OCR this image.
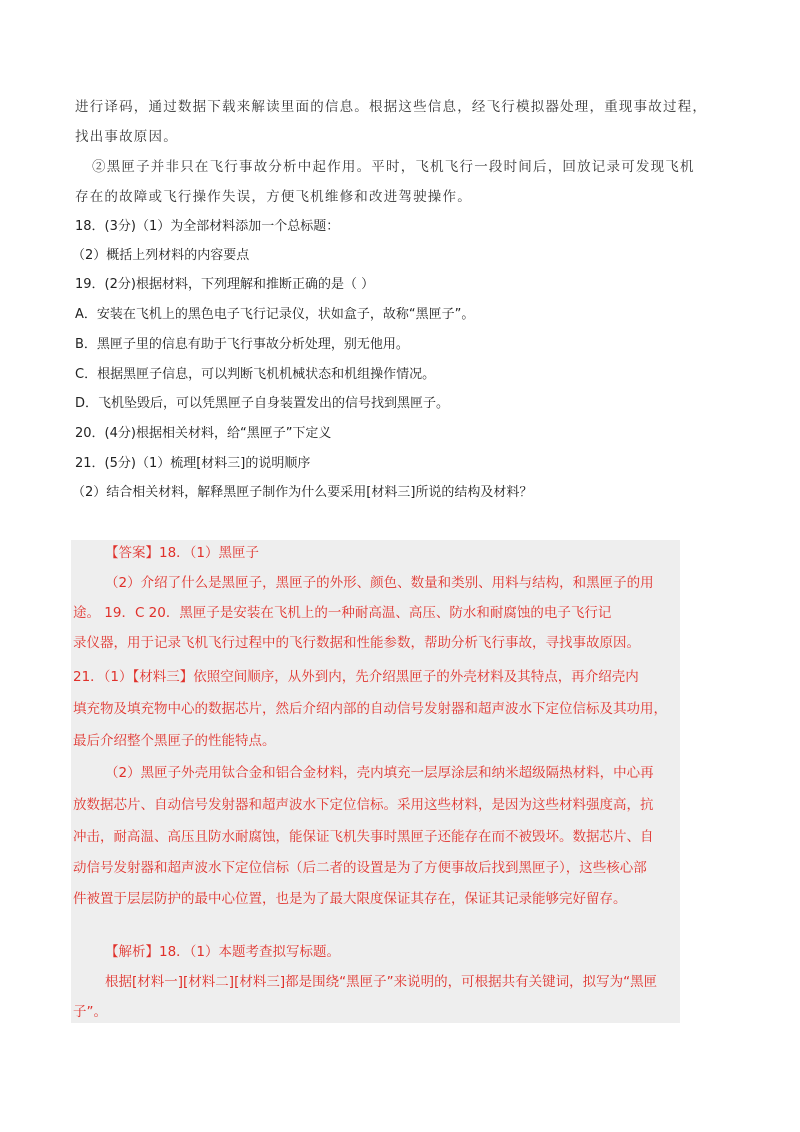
进行译码，通过数据下载来解读里面的信息。根据这些信息，经飞行模拟器处理，重现事故过程，
找出事故原因。
②黑匣子并非只在飞行事故分析中起作用。平时，飞机飞行一段时间后，回放记录可发现飞机
存在的故障或飞行操作失误，方便飞机维修和改进驾驶操作。
18．(3分)（1）为全部材料添加一个总标题：
（2）概括上列材料的内容要点
19．(2分)根据材料，下列理解和推断正确的是（ ）
A．安装在飞机上的黑色电子飞行记录仪，状如盒子，故称“黑匣子”。
B．黑匣子里的信息有助于飞行事故分析处理，别无他用。
C．根据黑匣子信息，可以判断飞机机械状态和机组操作情况。
D．飞机坠毁后，可以凭黑匣子自身装置发出的信号找到黑匣子。
20．(4分)根据相关材料，给“黑匣子”下定义
21．(5分)（1）梳理[材料三]的说明顺序
（2）结合相关材料，解释黑匣子制作为什么要采用[材料三]所说的结构及材料？
【答案】18．（1）黑匣子
（2）介绍了什么是黑匣子，黑匣子的外形、颜色、数量和类别、用料与结构，和黑匣子的用
途。 19．C 20．黑匣子是安装在飞机上的一种耐高温、高压、防水和耐腐蚀的电子飞行记
录仪器，用于记录飞机飞行过程中的飞行数据和性能参数，帮助分析飞行事故，寻找事故原因。
21．（1）【材料三】依照空间顺序，从外到内，先介绍黑匣子的外壳材料及其特点，再介绍壳内
填充物及填充物中心的数据芯片，然后介绍内部的自动信号发射器和超声波水下定位信标及其功用，
最后介绍整个黑匣子的性能特点。
（2）黑匣子外壳用钛合金和铝合金材料，壳内填充一层厚涂层和纳米超级隔热材料，中心再
放数据芯片、自动信号发射器和超声波水下定位信标。采用这些材料，是因为这些材料强度高，抗
冲击，耐高温、高压且防水耐腐蚀，能保证飞机失事时黑匣子还能存在而不被毁坏。数据芯片、自
动信号发射器和超声波水下定位信标（后二者的设置是为了方便事故后找到黑匣子），这些核心部
件被置于层层防护的最中心位置，也是为了最大限度保证其存在，保证其记录能够完好留存。
【解析】18．（1）本题考查拟写标题。
根据[材料一][材料二][材料三]都是围绕“黑匣子”来说明的，可根据共有关键词，拟写为“黑匣
子”。
